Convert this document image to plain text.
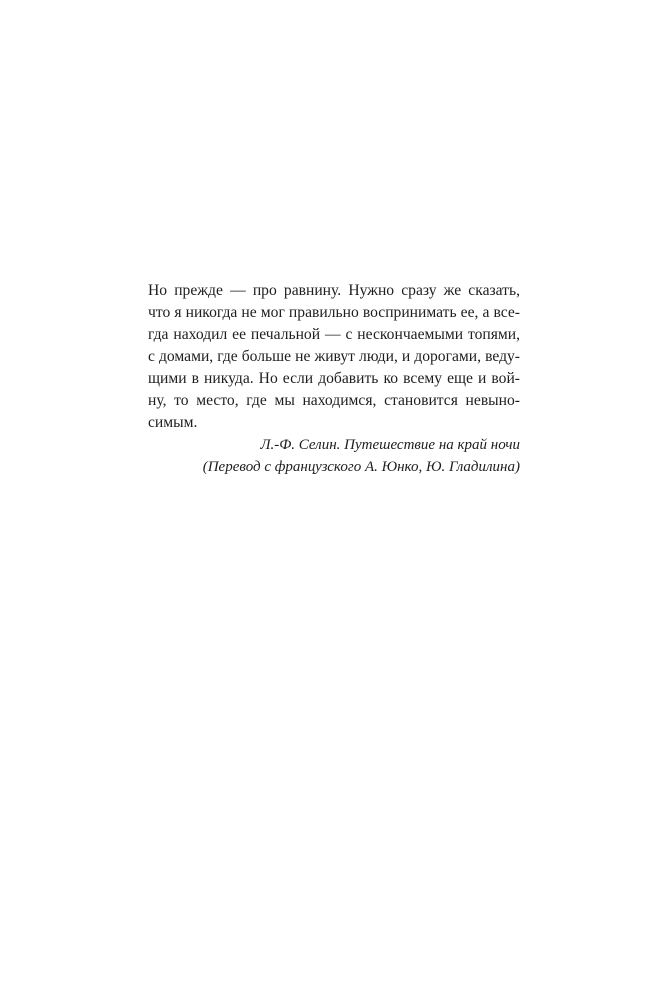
Но прежде — про равнину. Нужно сразу же сказать,
что я никогда не мог правильно воспринимать ее, а все-
гда находил ее печальной — с нескончаемыми топями,
с домами, где больше не живут люди, и дорогами, веду-
щими в никуда. Но если добавить ко всему еще и вой-
ну, то место, где мы находимся, становится невыно-
симым.

Л.-Ф. Селин. Путешествие на край ночи
(Перевод с французского А. Юнко, Ю. Гладилина)
